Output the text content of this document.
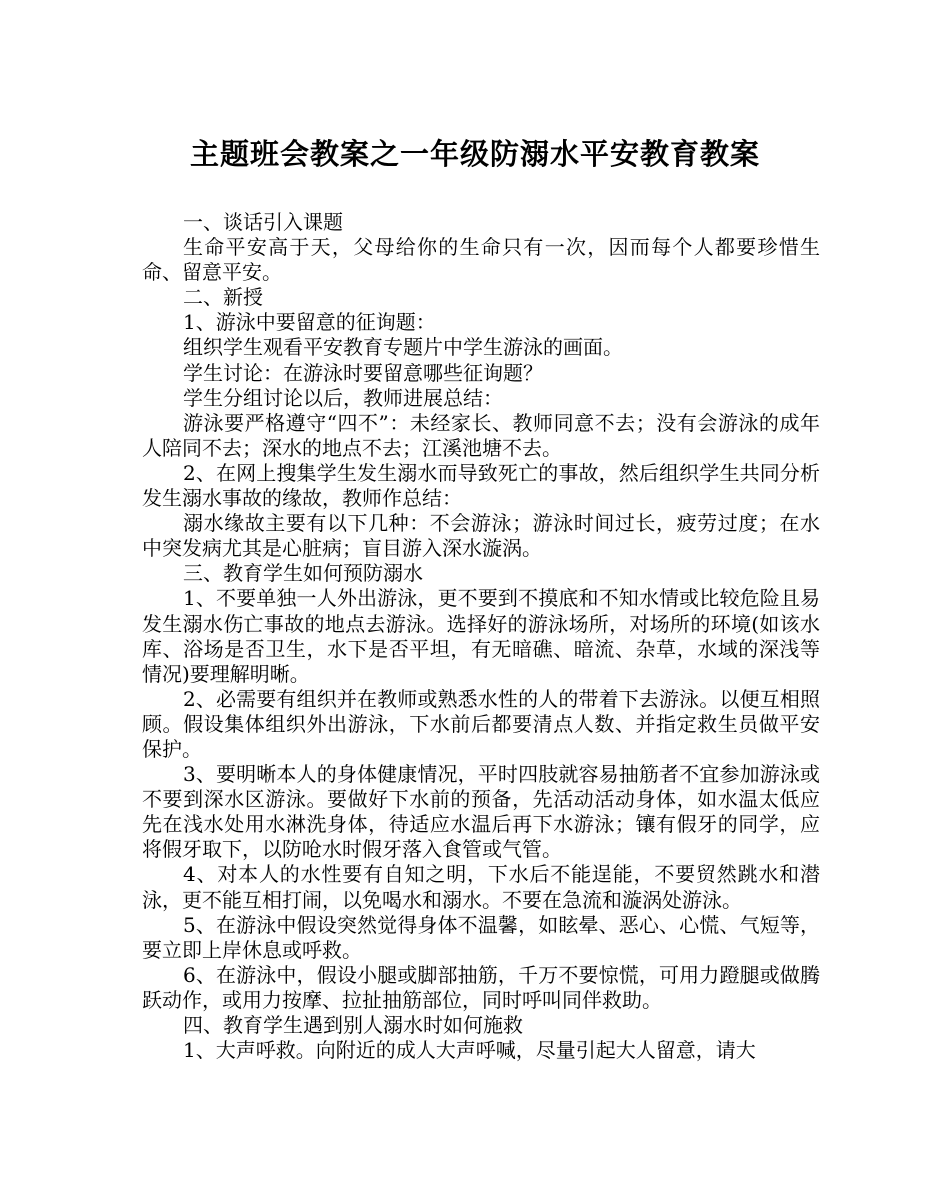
主题班会教案之一年级防溺水平安教育教案

一、谈话引入课题

生命平安高于天，父母给你的生命只有一次，因而每个人都要珍惜生命、留意平安。

二、新授

1、游泳中要留意的征询题：

组织学生观看平安教育专题片中学生游泳的画面。

学生讨论：在游泳时要留意哪些征询题？

学生分组讨论以后，教师进展总结：

游泳要严格遵守“四不”：未经家长、教师同意不去；没有会游泳的成年人陪同不去；深水的地点不去；江溪池塘不去。

2、在网上搜集学生发生溺水而导致死亡的事故，然后组织学生共同分析发生溺水事故的缘故，教师作总结：

溺水缘故主要有以下几种：不会游泳；游泳时间过长，疲劳过度；在水中突发病尤其是心脏病；盲目游入深水漩涡。

三、教育学生如何预防溺水

1、不要单独一人外出游泳，更不要到不摸底和不知水情或比较危险且易发生溺水伤亡事故的地点去游泳。选择好的游泳场所，对场所的环境(如该水库、浴场是否卫生，水下是否平坦，有无暗礁、暗流、杂草，水域的深浅等情况)要理解明晰。

2、必需要有组织并在教师或熟悉水性的人的带着下去游泳。以便互相照顾。假设集体组织外出游泳，下水前后都要清点人数、并指定救生员做平安保护。

3、要明晰本人的身体健康情况，平时四肢就容易抽筋者不宜参加游泳或不要到深水区游泳。要做好下水前的预备，先活动活动身体，如水温太低应先在浅水处用水淋洗身体，待适应水温后再下水游泳；镶有假牙的同学，应将假牙取下，以防呛水时假牙落入食管或气管。

4、对本人的水性要有自知之明，下水后不能逞能，不要贸然跳水和潜泳，更不能互相打闹，以免喝水和溺水。不要在急流和漩涡处游泳。

5、在游泳中假设突然觉得身体不温馨，如眩晕、恶心、心慌、气短等，要立即上岸休息或呼救。

6、在游泳中，假设小腿或脚部抽筋，千万不要惊慌，可用力蹬腿或做腾跃动作，或用力按摩、拉扯抽筋部位，同时呼叫同伴救助。

四、教育学生遇到别人溺水时如何施救

1、大声呼救。向附近的成人大声呼喊，尽量引起大人留意，请大
